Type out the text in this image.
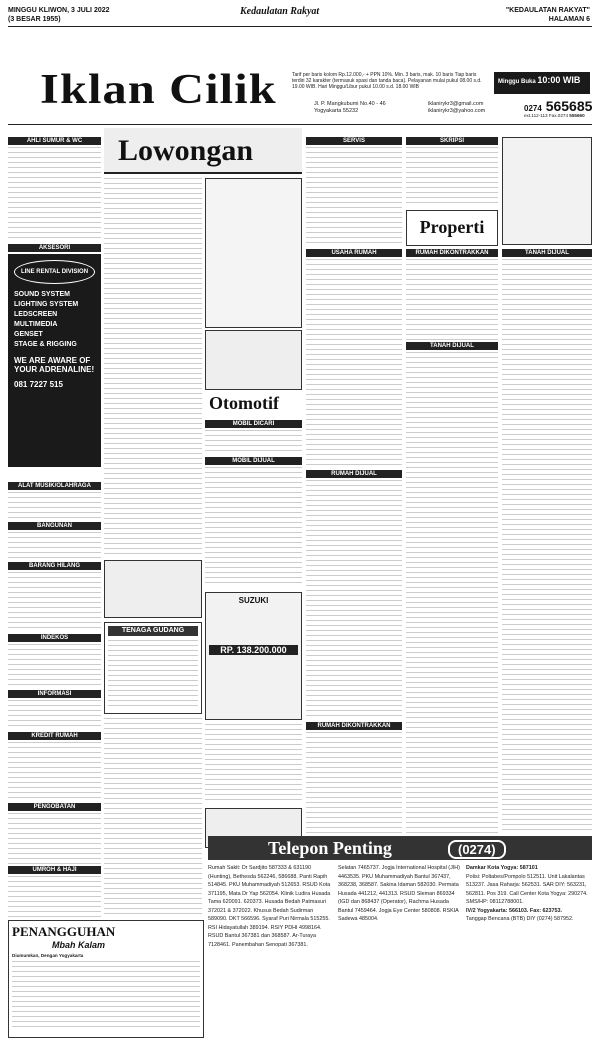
MINGGU KLIWON, 3 JULI 2022
(3 BESAR 1955)
Kedaulatan Rakyat	"KEDAULATAN RAKYAT"
HALAMAN 6
Iklan Cilik	Tarif per baris kolom Rp.12.000,- + PPN 10%. Min. 3 baris, mak. 10 baris Tiap baris terdiri 32 karakter (termasuk spasi dan tanda baca). Pelayanan mulai pukul 08.00 s.d. 19.00 WIB. Hari Minggu/Libur pukul 10.00 s.d. 18.00 WIB
Minggu Buka 10:00 WIB
Jl. P. Mangkubumi No.40 - 46
Yogyakarta 55232
iklanirykr3@gmail.com
iklanirykr3@yahoo.com	0274 565685
ext.112-113 Fax.0274 555660
AHLI SUMUR & WC
AKSESORI
LINE RENTAL DIVISION
SOUND SYSTEM
LIGHTING SYSTEM
LEDSCREEN
MULTIMEDIA
GENSET
STAGE & RIGGING
WE ARE AWARE OF YOUR ADRENALINE!
081 7227 515
ALAT MUSIK/OLAHRAGA
BANGUNAN
BARANG HILANG
INDEKOS
INFORMASI
KREDIT RUMAH
PENGOBATAN
UMROH & HAJI
PENANGGUHAN
Mbah Kalam
Diumumkan, Dengan Yogyakarta
Lowongan
Otomotif
MOBIL DICARI
MOBIL DIJUAL
TENAGA GUDANG
SUZUKI
RP. 138.200.000
SERVIS	SKRIPSI
Properti
USAHA RUMAH
RUMAH DIJUAL
RUMAH DIKONTRAKKAN
RUMAH DIKONTRAKKAN
TANAH DIJUAL
TANAH DIJUAL
Telepon Penting	(0274)
Rumah Sakit: Dr Sardjito 587333 & 631190 (Hunting), Bethesda 562246, 586688. Panti Rapih 514845. PKU Muhammadiyah 512653. RSUD Kota 371195, Mata Dr Yap 562054. Klinik Ludira Husada Tama 620091. 620373. Husada Bedah Patmasuri 372021 & 372022. Khusus Bedah Sudirman 589090. DKT 566596. Syaraf Puri Nirmala 515255. RSI Hidayatullah 389194. RSIY PDHI 4998164. RSUD Bantul 367381 dan 368587. Ar-Turaya 7128461. Panembahan Senopati 367381.
Selatan 7465737. Jogja International Hospital (JIH) 4463535. PKU Muhammadiyah Bantul 367437, 368238, 368587. Sakina Idaman 582030. Permata Husada 441212, 441313. RSUD Sleman 869334 (IGD dan 868437 (Operator), Rachma Husada Bantul 7459464. Jogja Eye Center 580808. RSKIA Sadewa 485004.
Damkar Kota Yogya: 587101
Polisi: Poltabes/Pompolo 512511. Unit Lakalantas 513237. Jasa Raharja: 562531. SAR DIY: 563231, 562811. Pos 319. Call Center Kota Yogya: 290274. SMS/HP: 08112788001.
IV/2 Yogyakarta: 566103. Fax: 623753.
Tanggap Bencana (BTB) DIY (0274) 587952.
